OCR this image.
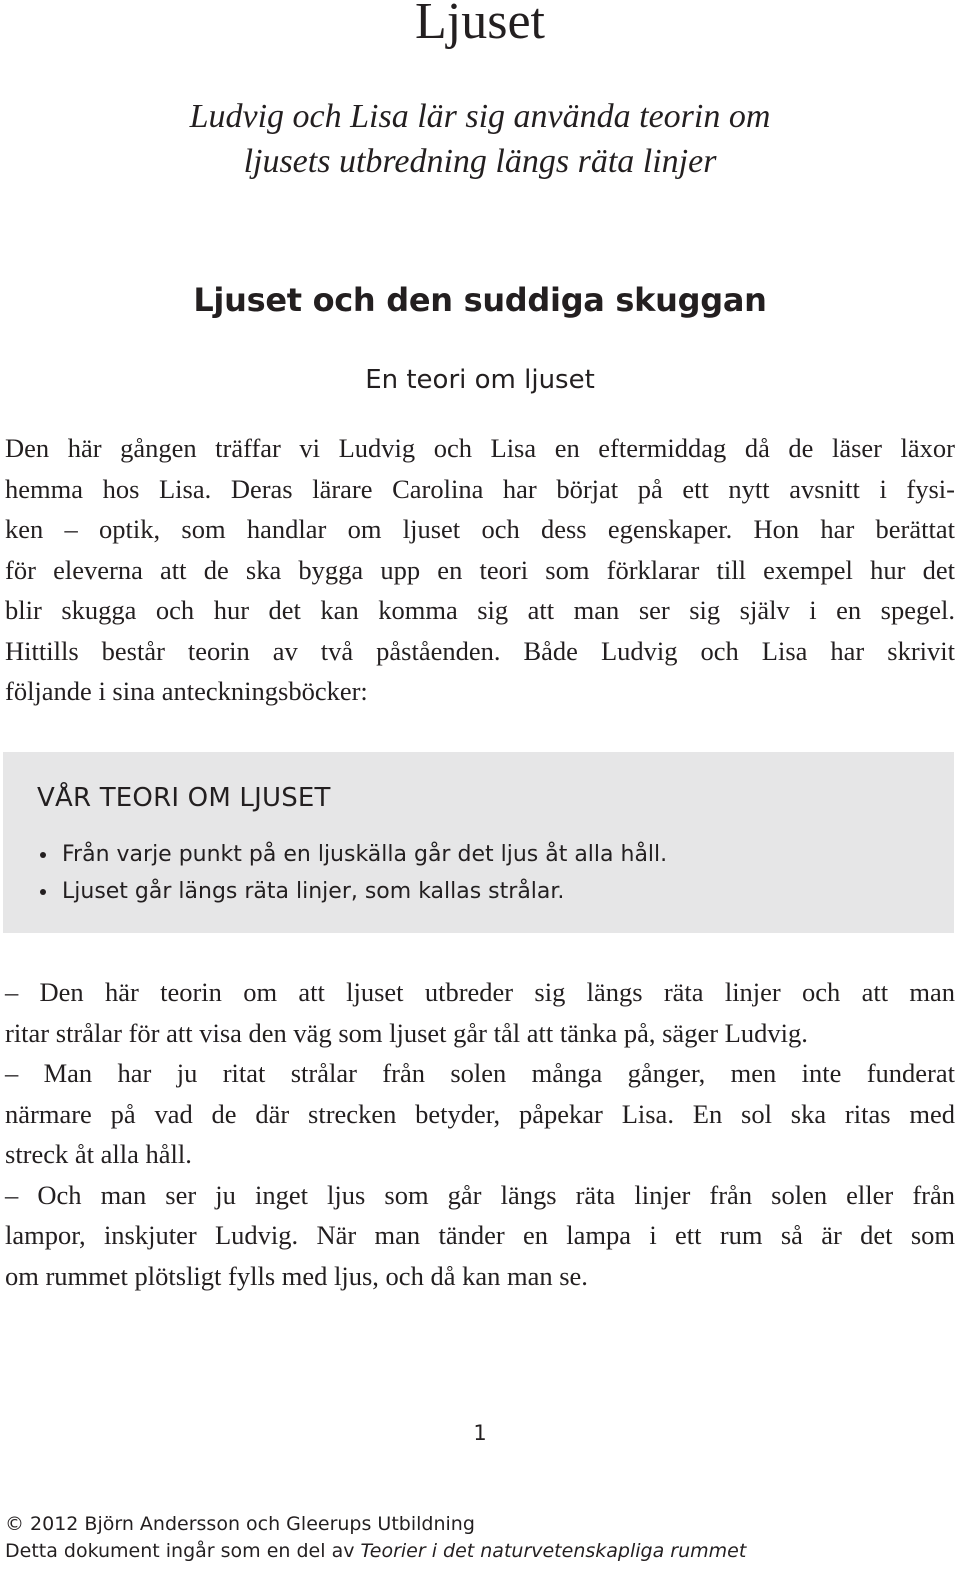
Ljuset
Ludvig och Lisa lär sig använda teorin om
ljusets utbredning längs räta linjer
Ljuset och den suddiga skuggan
En teori om ljuset
Den här gången träffar vi Ludvig och Lisa en eftermiddag då de läser läxor
hemma hos Lisa. Deras lärare Carolina har börjat på ett nytt avsnitt i fysi-
ken – optik, som handlar om ljuset och dess egenskaper. Hon har berättat
för eleverna att de ska bygga upp en teori som förklarar till exempel hur det
blir skugga och hur det kan komma sig att man ser sig själv i en spegel.
Hittills består teorin av två påståenden. Både Ludvig och Lisa har skrivit
följande i sina anteckningsböcker:
VÅR TEORI OM LJUSET
Från varje punkt på en ljuskälla går det ljus åt alla håll.
Ljuset går längs räta linjer, som kallas strålar.
– Den här teorin om att ljuset utbreder sig längs räta linjer och att man
ritar strålar för att visa den väg som ljuset går tål att tänka på, säger Ludvig.
– Man har ju ritat strålar från solen många gånger, men inte funderat
närmare på vad de där strecken betyder, påpekar Lisa. En sol ska ritas med
streck åt alla håll.
– Och man ser ju inget ljus som går längs räta linjer från solen eller från
lampor, inskjuter Ludvig. När man tänder en lampa i ett rum så är det som
om rummet plötsligt fylls med ljus, och då kan man se.
1
© 2012 Björn Andersson och Gleerups Utbildning
Detta dokument ingår som en del av Teorier i det naturvetenskapliga rummet
